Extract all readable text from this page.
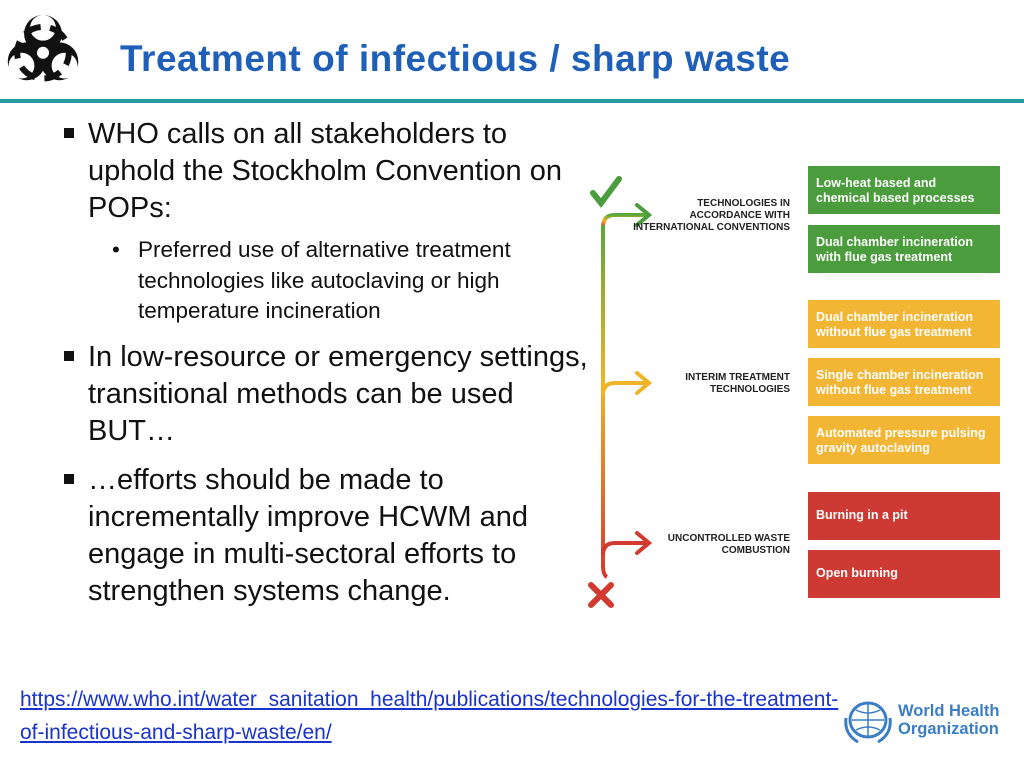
Treatment of infectious / sharp waste
WHO calls on all stakeholders to uphold the Stockholm Convention on POPs:
• Preferred use of alternative treatment technologies like autoclaving or high temperature incineration
In low-resource or emergency settings, transitional methods can be used BUT…
…efforts should be made to incrementally improve HCWM and engage in multi-sectoral efforts to strengthen systems change.
TECHNOLOGIES IN ACCORDANCE WITH INTERNATIONAL CONVENTIONS
INTERIM TREATMENT TECHNOLOGIES
UNCONTROLLED WASTE COMBUSTION
Low-heat based and chemical based processes
Dual chamber incineration with flue gas treatment
Dual chamber incineration without flue gas treatment
Single chamber incineration without flue gas treatment
Automated pressure pulsing gravity autoclaving
Burning in a pit
Open burning
https://www.who.int/water_sanitation_health/publications/technologies-for-the-treatment-of-infectious-and-sharp-waste/en/
World Health
Organization
